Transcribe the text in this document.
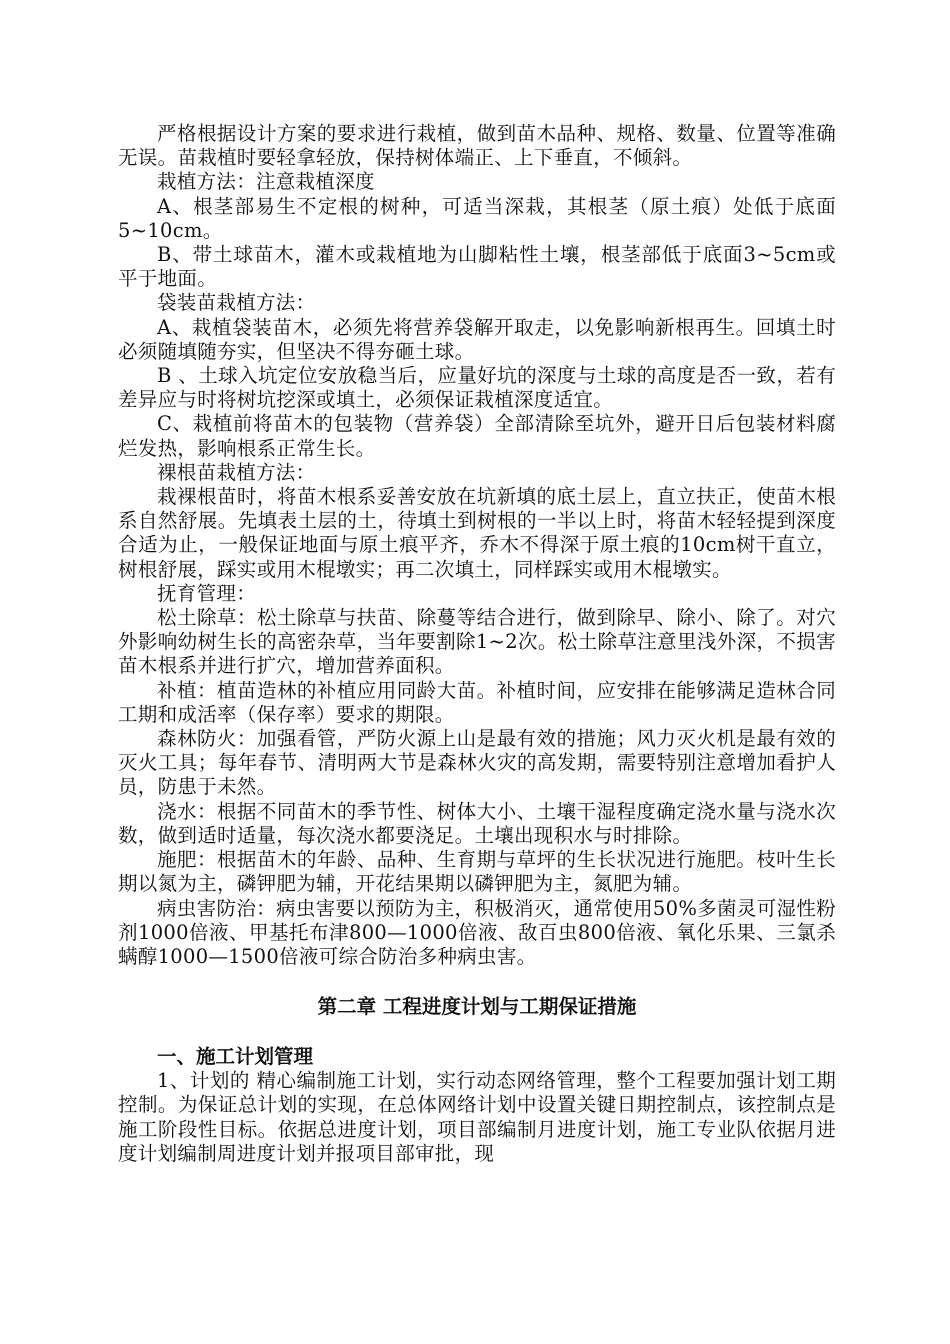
严格根据设计方案的要求进行栽植，做到苗木品种、规格、数量、位置等准确无误。苗栽植时要轻拿轻放，保持树体端正、上下垂直，不倾斜。

栽植方法：注意栽植深度

A、根茎部易生不定根的树种，可适当深栽，其根茎（原土痕）处低于底面5~10cm。

B、带土球苗木，灌木或栽植地为山脚粘性土壤，根茎部低于底面3~5cm或平于地面。

袋装苗栽植方法：

A、栽植袋装苗木，必须先将营养袋解开取走，以免影响新根再生。回填土时必须随填随夯实，但坚决不得夯砸土球。

B 、土球入坑定位安放稳当后，应量好坑的深度与土球的高度是否一致，若有差异应与时将树坑挖深或填土，必须保证栽植深度适宜。

C、栽植前将苗木的包装物（营养袋）全部清除至坑外，避开日后包装材料腐烂发热，影响根系正常生长。

裸根苗栽植方法：

栽裸根苗时，将苗木根系妥善安放在坑新填的底土层上，直立扶正，使苗木根系自然舒展。先填表土层的土，待填土到树根的一半以上时，将苗木轻轻提到深度合适为止，一般保证地面与原土痕平齐，乔木不得深于原土痕的10cm树干直立，树根舒展，踩实或用木棍墩实；再二次填土，同样踩实或用木棍墩实。

抚育管理：

松土除草：松土除草与扶苗、除蔓等结合进行，做到除早、除小、除了。对穴外影响幼树生长的高密杂草，当年要割除1~2次。松土除草注意里浅外深，不损害苗木根系并进行扩穴，增加营养面积。

补植：植苗造林的补植应用同龄大苗。补植时间，应安排在能够满足造林合同工期和成活率（保存率）要求的期限。

森林防火：加强看管，严防火源上山是最有效的措施；风力灭火机是最有效的灭火工具；每年春节、清明两大节是森林火灾的高发期，需要特别注意增加看护人员，防患于未然。

浇水：根据不同苗木的季节性、树体大小、土壤干湿程度确定浇水量与浇水次数，做到适时适量，每次浇水都要浇足。土壤出现积水与时排除。

施肥：根据苗木的年龄、品种、生育期与草坪的生长状况进行施肥。枝叶生长期以氮为主，磷钾肥为辅，开花结果期以磷钾肥为主，氮肥为辅。

病虫害防治：病虫害要以预防为主，积极消灭，通常使用50%多菌灵可湿性粉剂1000倍液、甲基托布津800—1000倍液、敌百虫800倍液、氧化乐果、三氯杀螨醇1000—1500倍液可综合防治多种病虫害。

第二章 工程进度计划与工期保证措施
一、施工计划管理

1、计划的 精心编制施工计划，实行动态网络管理，整个工程要加强计划工期控制。为保证总计划的实现，在总体网络计划中设置关键日期控制点，该控制点是施工阶段性目标。依据总进度计划，项目部编制月进度计划，施工专业队依据月进度计划编制周进度计划并报项目部审批，现
